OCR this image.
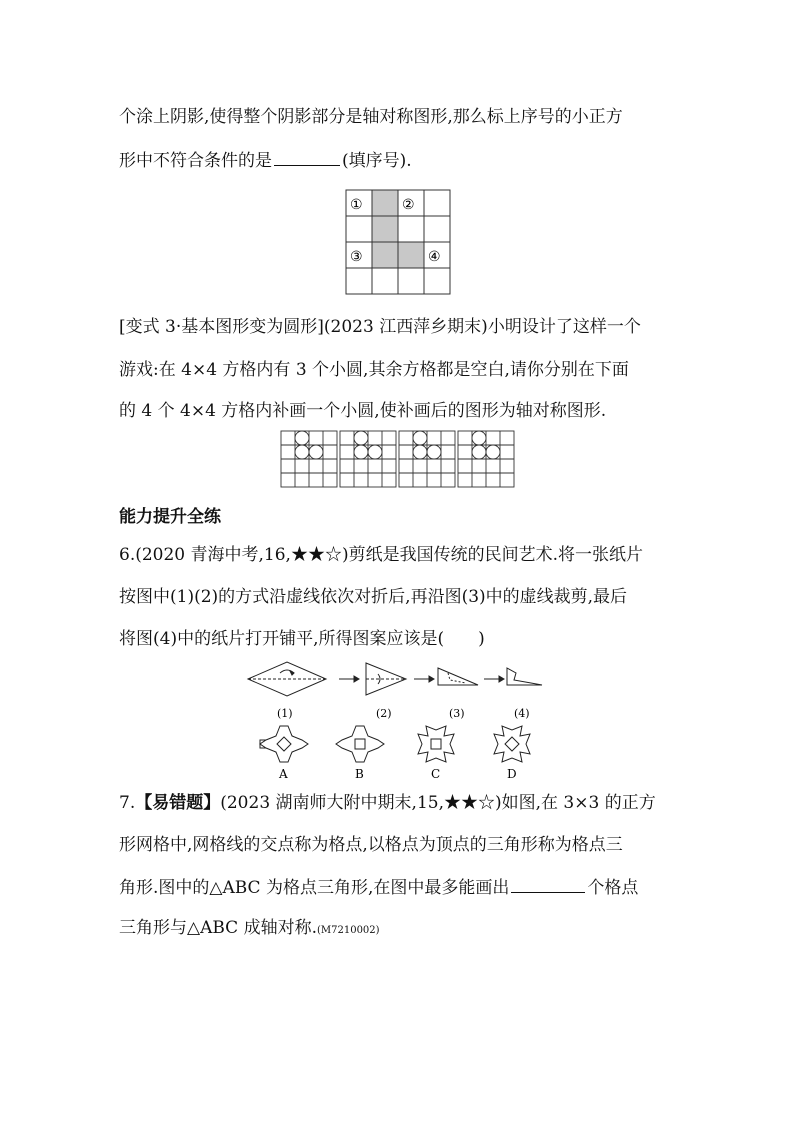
个涂上阴影,使得整个阴影部分是轴对称图形,那么标上序号的小正方
形中不符合条件的是	(填序号).
①	②
③	④
[变式 3·基本图形变为圆形](2023 江西萍乡期末)小明设计了这样一个
游戏:在 4×4 方格内有 3 个小圆,其余方格都是空白,请你分别在下面
的 4 个 4×4 方格内补画一个小圆,使补画后的图形为轴对称图形.
能力提升全练
6.(2020 青海中考,16,★★☆)剪纸是我国传统的民间艺术.将一张纸片
按图中(1)(2)的方式沿虚线依次对折后,再沿图(3)中的虚线裁剪,最后
将图(4)中的纸片打开铺平,所得图案应该是(　　)
(1)	(2)	(3)	(4)
A	B	C	D
7.【易错题】(2023 湖南师大附中期末,15,★★☆)如图,在 3×3 的正方
形网格中,网格线的交点称为格点,以格点为顶点的三角形称为格点三
角形.图中的△ABC 为格点三角形,在图中最多能画出	个格点
三角形与△ABC 成轴对称.(M7210002)
